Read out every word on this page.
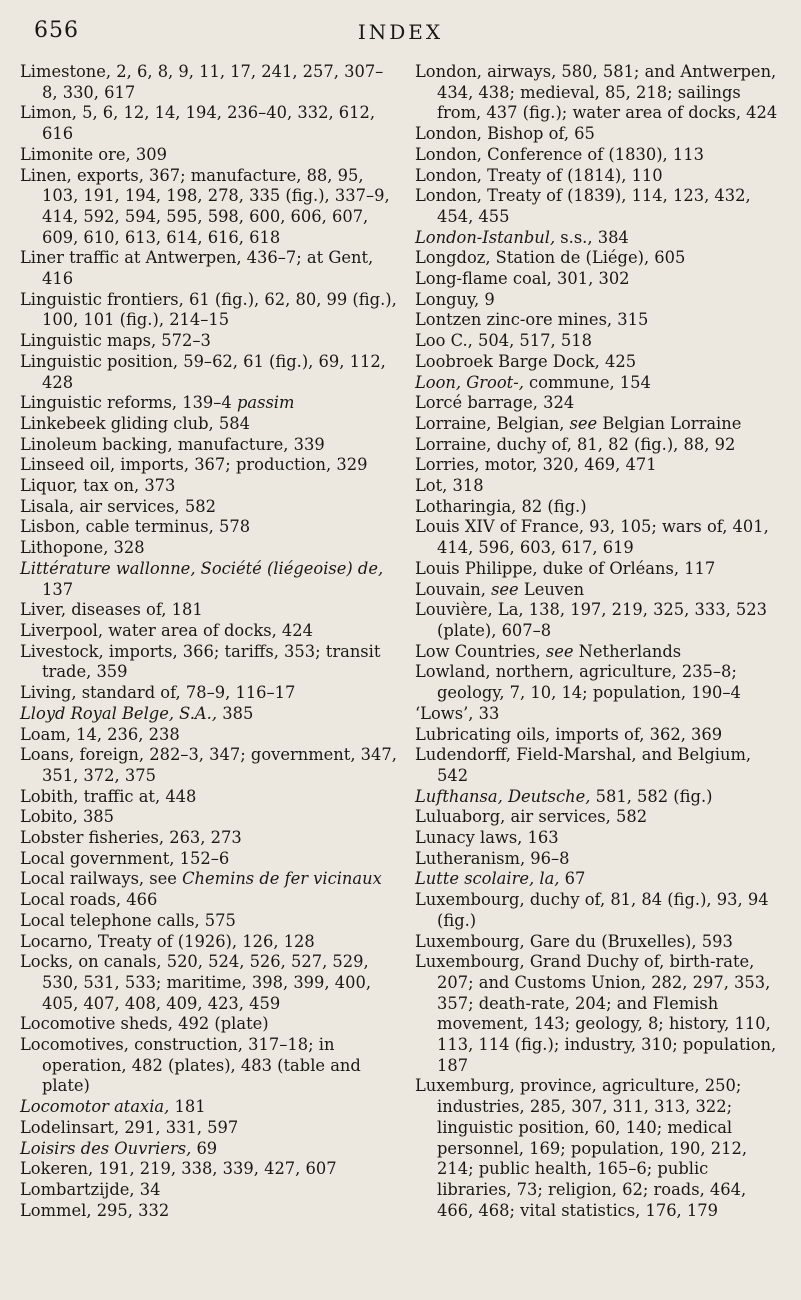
656	INDEX

Limestone, 2, 6, 8, 9, 11, 17, 241, 257, 307–8, 330, 617

Limon, 5, 6, 12, 14, 194, 236–40, 332, 612, 616

Limonite ore, 309

Linen, exports, 367; manufacture, 88, 95, 103, 191, 194, 198, 278, 335 (fig.), 337–9, 414, 592, 594, 595, 598, 600, 606, 607, 609, 610, 613, 614, 616, 618

Liner traffic at Antwerpen, 436–7; at Gent, 416

Linguistic frontiers, 61 (fig.), 62, 80, 99 (fig.), 100, 101 (fig.), 214–15

Linguistic maps, 572–3

Linguistic position, 59–62, 61 (fig.), 69, 112, 428

Linguistic reforms, 139–4 passim

Linkebeek gliding club, 584

Linoleum backing, manufacture, 339

Linseed oil, imports, 367; production, 329

Liquor, tax on, 373

Lisala, air services, 582

Lisbon, cable terminus, 578

Lithopone, 328

Littérature wallonne, Société (liégeoise) de, 137

Liver, diseases of, 181

Liverpool, water area of docks, 424

Livestock, imports, 366; tariffs, 353; transit trade, 359

Living, standard of, 78–9, 116–17

Lloyd Royal Belge, S.A., 385

Loam, 14, 236, 238

Loans, foreign, 282–3, 347; government, 347, 351, 372, 375

Lobith, traffic at, 448

Lobito, 385

Lobster fisheries, 263, 273

Local government, 152–6

Local railways, see Chemins de fer vicinaux

Local roads, 466

Local telephone calls, 575

Locarno, Treaty of (1926), 126, 128

Locks, on canals, 520, 524, 526, 527, 529, 530, 531, 533; maritime, 398, 399, 400, 405, 407, 408, 409, 423, 459

Locomotive sheds, 492 (plate)

Locomotives, construction, 317–18; in operation, 482 (plates), 483 (table and plate)

Locomotor ataxia, 181

Lodelinsart, 291, 331, 597

Loisirs des Ouvriers, 69

Lokeren, 191, 219, 338, 339, 427, 607

Lombartzijde, 34

Lommel, 295, 332

London, airways, 580, 581; and Antwerpen, 434, 438; medieval, 85, 218; sailings from, 437 (fig.); water area of docks, 424

London, Bishop of, 65

London, Conference of (1830), 113

London, Treaty of (1814), 110

London, Treaty of (1839), 114, 123, 432, 454, 455

London-Istanbul, s.s., 384

Longdoz, Station de (Liége), 605

Long-flame coal, 301, 302

Longuy, 9

Lontzen zinc-ore mines, 315

Loo C., 504, 517, 518

Loobroek Barge Dock, 425

Loon, Groot-, commune, 154

Lorcé barrage, 324

Lorraine, Belgian, see Belgian Lorraine

Lorraine, duchy of, 81, 82 (fig.), 88, 92

Lorries, motor, 320, 469, 471

Lot, 318

Lotharingia, 82 (fig.)

Louis XIV of France, 93, 105; wars of, 401, 414, 596, 603, 617, 619

Louis Philippe, duke of Orléans, 117

Louvain, see Leuven

Louvière, La, 138, 197, 219, 325, 333, 523 (plate), 607–8

Low Countries, see Netherlands

Lowland, northern, agriculture, 235–8; geology, 7, 10, 14; population, 190–4

‘Lows’, 33

Lubricating oils, imports of, 362, 369

Ludendorff, Field-Marshal, and Belgium, 542

Lufthansa, Deutsche, 581, 582 (fig.)

Luluaborg, air services, 582

Lunacy laws, 163

Lutheranism, 96–8

Lutte scolaire, la, 67

Luxembourg, duchy of, 81, 84 (fig.), 93, 94 (fig.)

Luxembourg, Gare du (Bruxelles), 593

Luxembourg, Grand Duchy of, birth-rate, 207; and Customs Union, 282, 297, 353, 357; death-rate, 204; and Flemish movement, 143; geology, 8; history, 110, 113, 114 (fig.); industry, 310; population, 187

Luxemburg, province, agriculture, 250; industries, 285, 307, 311, 313, 322; linguistic position, 60, 140; medical personnel, 169; population, 190, 212, 214; public health, 165–6; public libraries, 73; religion, 62; roads, 464, 466, 468; vital statistics, 176, 179
